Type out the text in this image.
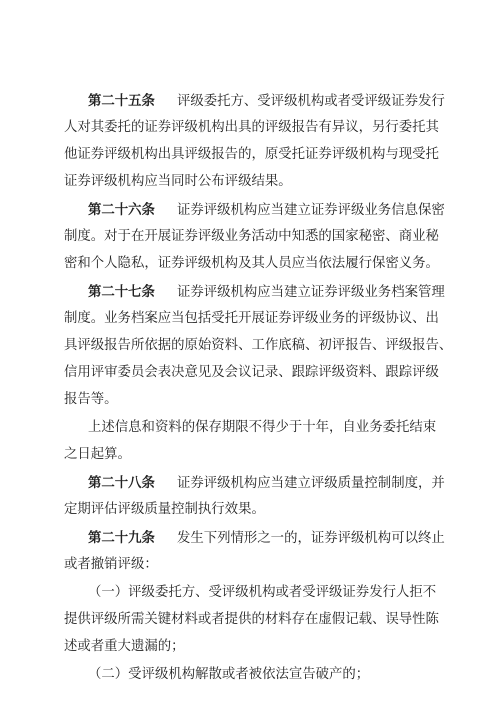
第二十五条 评级委托方、受评级机构或者受评级证券发行
人对其委托的证券评级机构出具的评级报告有异议，另行委托其
他证券评级机构出具评级报告的，原受托证券评级机构与现受托
证券评级机构应当同时公布评级结果。
第二十六条 证券评级机构应当建立证券评级业务信息保密
制度。对于在开展证券评级业务活动中知悉的国家秘密、商业秘
密和个人隐私，证券评级机构及其人员应当依法履行保密义务。
第二十七条 证券评级机构应当建立证券评级业务档案管理
制度。业务档案应当包括受托开展证券评级业务的评级协议、出
具评级报告所依据的原始资料、工作底稿、初评报告、评级报告、
信用评审委员会表决意见及会议记录、跟踪评级资料、跟踪评级
报告等。
上述信息和资料的保存期限不得少于十年，自业务委托结束
之日起算。
第二十八条 证券评级机构应当建立评级质量控制制度，并
定期评估评级质量控制执行效果。
第二十九条 发生下列情形之一的，证券评级机构可以终止
或者撤销评级：
（一）评级委托方、受评级机构或者受评级证券发行人拒不
提供评级所需关键材料或者提供的材料存在虚假记载、误导性陈
述或者重大遗漏的；
（二）受评级机构解散或者被依法宣告破产的；
